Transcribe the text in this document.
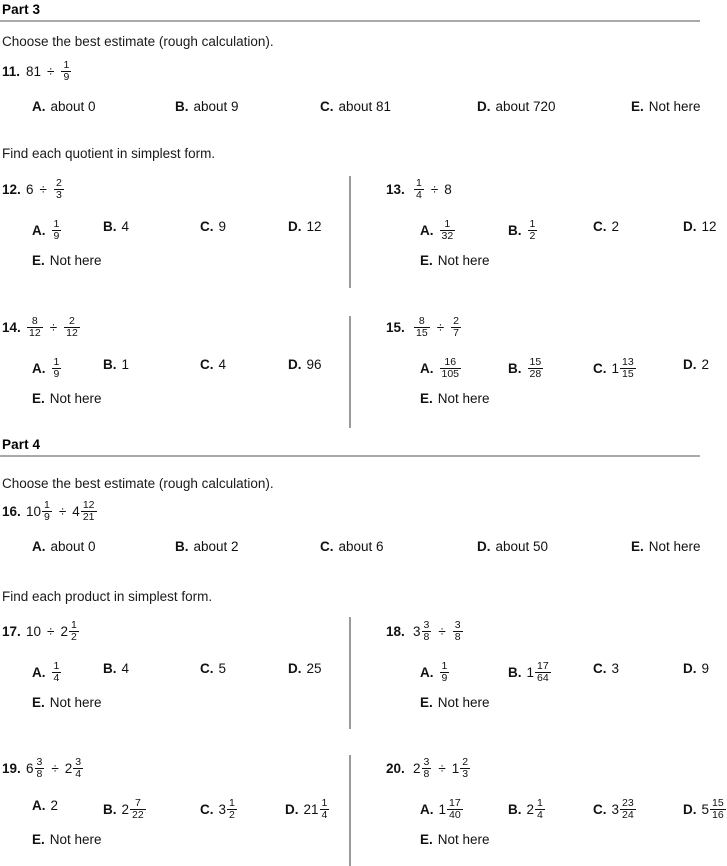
Part 3
Choose the best estimate (rough calculation).
11. $81 \div \frac{1}{9}$
A. about 0	B. about 9	C. about 81	D. about 720	E. Not here
Find each quotient in simplest form.
12. $6 \div \frac{2}{3}$
A. $\frac{1}{9}$	B. 4	C. 9	D. 12
E. Not here
13. $\frac{1}{4} \div 8$
A. $\frac{1}{32}$	B. $\frac{1}{2}$	C. 2	D. 12
E. Not here
14. $\frac{8}{12} \div \frac{2}{12}$
A. $\frac{1}{9}$	B. 1	C. 4	D. 96
E. Not here
15. $\frac{8}{15} \div \frac{2}{7}$
A. $\frac{16}{105}$	B. $\frac{15}{28}$	C. $1 \frac{13}{15}$	D. 2
E. Not here
Part 4
Choose the best estimate (rough calculation).
16. $10 \frac{1}{9} \div 4 \frac{12}{21}$
A. about 0	B. about 2	C. about 6	D. about 50	E. Not here
Find each product in simplest form.
17. $10 \div 2 \frac{1}{2}$
A. $\frac{1}{4}$	B. 4	C. 5	D. 25
E. Not here
18. $3 \frac{3}{8} \div \frac{3}{8}$
A. $\frac{1}{9}$	B. $1 \frac{17}{64}$	C. 3	D. 9
E. Not here
19. $6 \frac{3}{8} \div 2 \frac{3}{4}$
A. 2	B. $2 \frac{7}{22}$	C. $3 \frac{1}{2}$	D. $21 \frac{1}{4}$
E. Not here
20. $2 \frac{3}{8} \div 1 \frac{2}{3}$
A. $1 \frac{17}{40}$	B. $2 \frac{1}{4}$	C. $3 \frac{23}{24}$	D. $5 \frac{15}{16}$
E. Not here
